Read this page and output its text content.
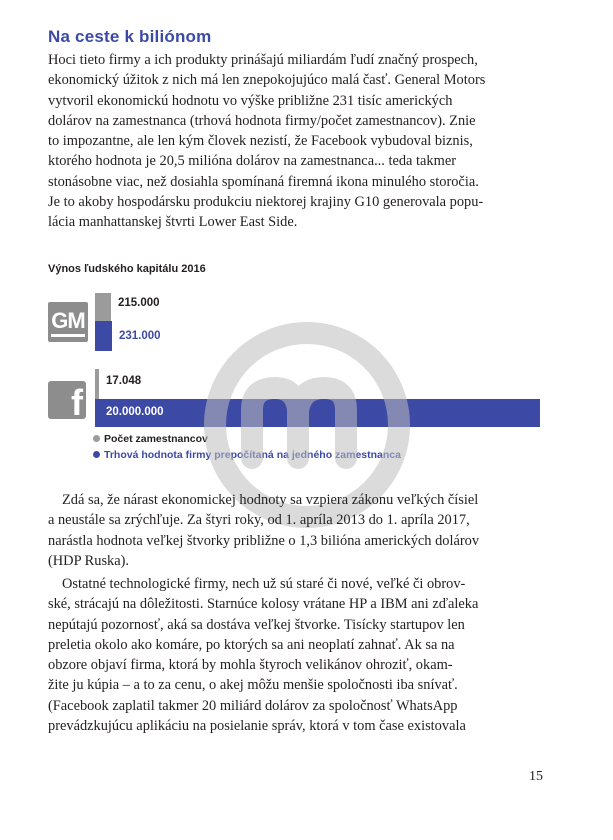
Na ceste k biliónom
Hoci tieto firmy a ich produkty prinášajú miliardám ľudí značný prospech,
ekonomický úžitok z nich má len znepokojujúco malá časť. General Motors
vytvoril ekonomickú hodnotu vo výške približne 231 tisíc amerických
dolárov na zamestnanca (trhová hodnota firmy/počet zamestnancov). Znie
to impozantne, ale len kým človek nezistí, že Facebook vybudoval biznis,
ktorého hodnota je 20,5 milióna dolárov na zamestnanca... teda takmer
stonásobne viac, než dosiahla spomínaná firemná ikona minulého storočia.
Je to akoby hospodársku produkciu niektorej krajiny G10 generovala popu-
lácia manhattanskej štvrti Lower East Side.
Výnos ľudského kapitálu 2016
GM
f
215.000
231.000
17.048
20.000.000
Počet zamestnancov
Trhová hodnota firmy prepočítaná na jedného zamestnanca
Zdá sa, že nárast ekonomickej hodnoty sa vzpiera zákonu veľkých čísiel
a neustále sa zrýchľuje. Za štyri roky, od 1. apríla 2013 do 1. apríla 2017,
narástla hodnota veľkej štvorky približne o 1,3 bilióna amerických dolárov
(HDP Ruska).
Ostatné technologické firmy, nech už sú staré či nové, veľké či obrov-
ské, strácajú na dôležitosti. Starnúce kolosy vrátane HP a IBM ani zďaleka
nepútajú pozornosť, aká sa dostáva veľkej štvorke. Tisícky startupov len
preletia okolo ako komáre, po ktorých sa ani neoplatí zahnať. Ak sa na
obzore objaví firma, ktorá by mohla štyroch velikánov ohroziť, okam-
žite ju kúpia – a to za cenu, o akej môžu menšie spoločnosti iba snívať.
(Facebook zaplatil takmer 20 miliárd dolárov za spoločnosť WhatsApp
prevádzkujúcu aplikáciu na posielanie správ, ktorá v tom čase existovala
15
